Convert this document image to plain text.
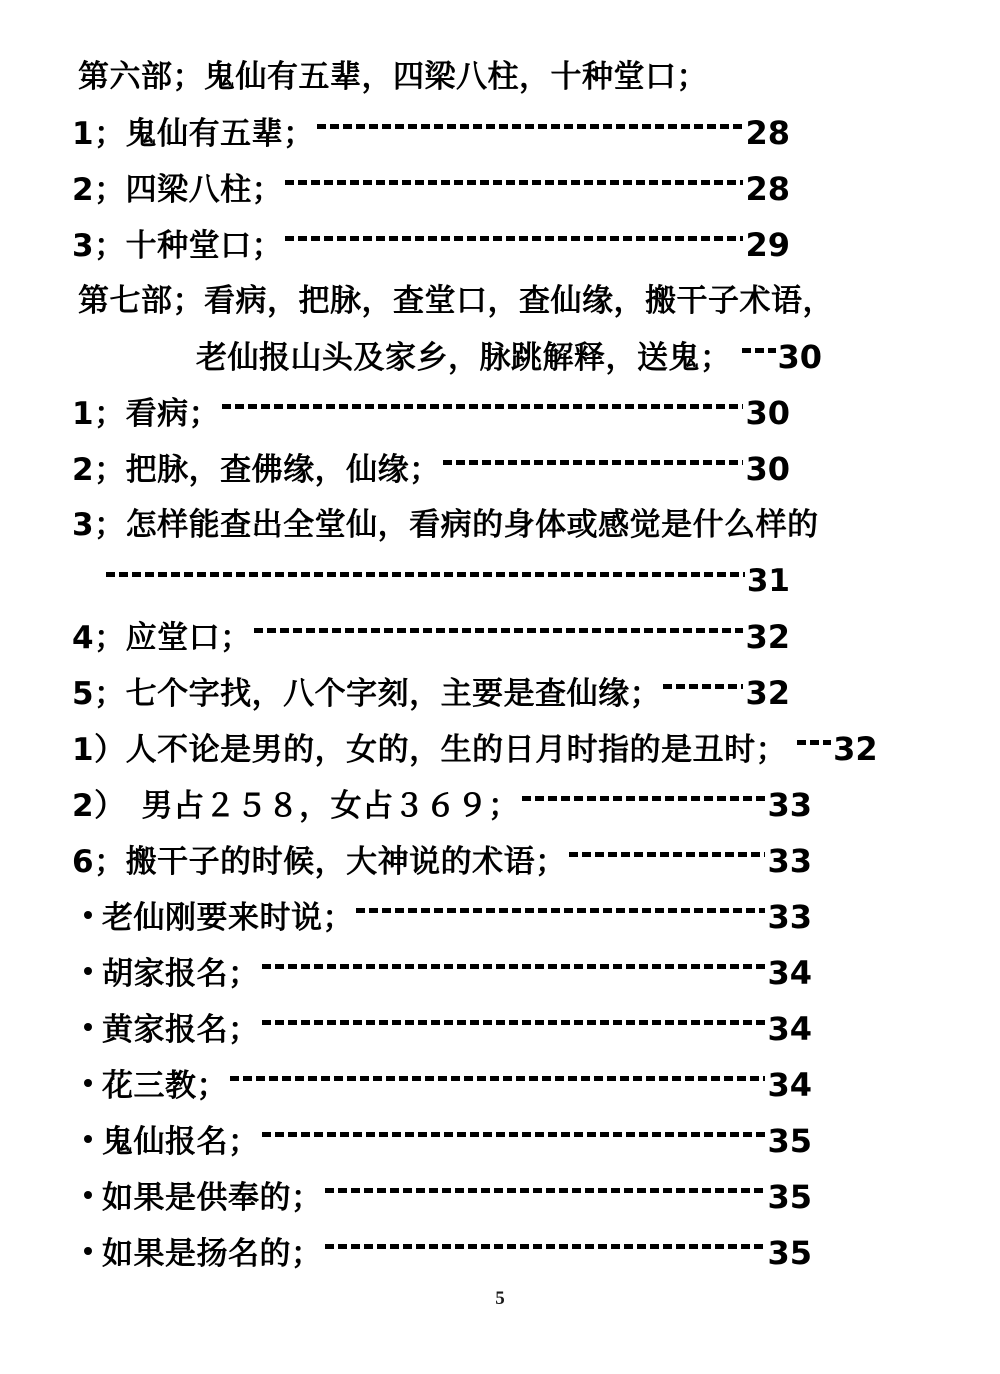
第六部；鬼仙有五辈，四梁八柱，十种堂口；
1；鬼仙有五辈；	28
2；四梁八柱；	28
3；十种堂口；	29
第七部；看病，把脉，查堂口，查仙缘，搬干子术语，
老仙报山头及家乡，脉跳解释，送鬼； 30
1；看病；	30
2；把脉，查佛缘，仙缘；	30
3；怎样能查出全堂仙，看病的身体或感觉是什么样的
31
4；应堂口；	32
5；七个字找，八个字刻，主要是查仙缘；	32
1）人不论是男的，女的，生的日月时指的是丑时； 32
2）　男占２５８，女占３６９；	33
6；搬干子的时候，大神说的术语；	33
老仙刚要来时说；	33
胡家报名；	34
黄家报名；	34
花三教；	34
鬼仙报名；	35
如果是供奉的；	35
如果是扬名的；	35
5
